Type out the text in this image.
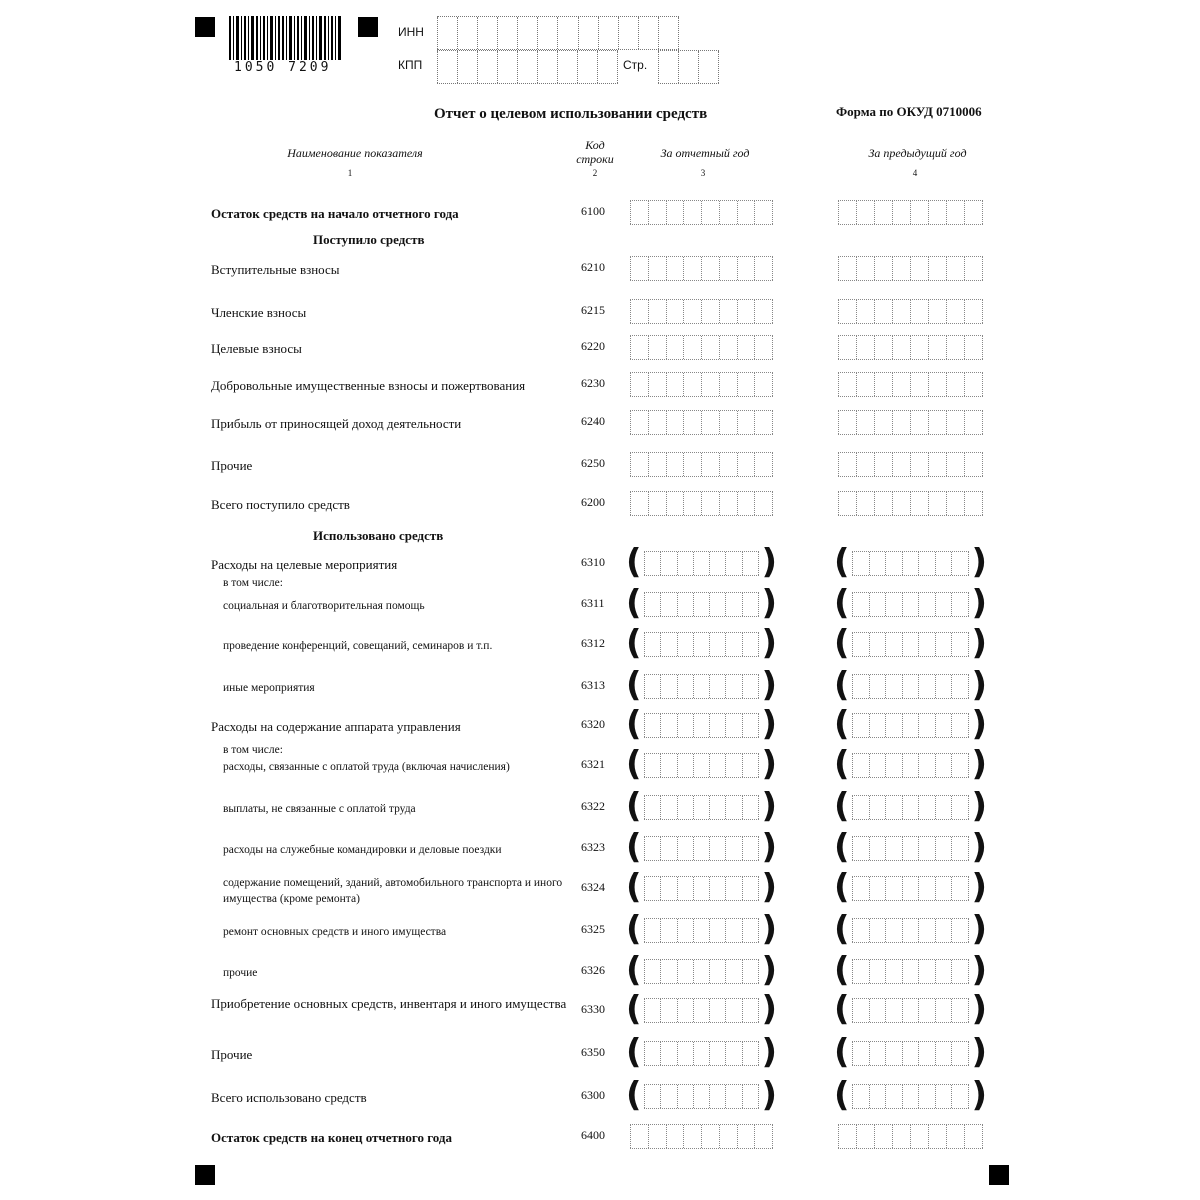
1050 7209
ИНН
КПП	Стр.
Отчет о целевом использовании средств	Форма по ОКУД 0710006
Наименование показателя
Код
строки	За отчетный год	За предыдущий год
1	2	3	4
Поступило средств
Использовано средств
в том числе:
в том числе:
Остаток средств на начало отчетного года	6100
Вступительные взносы	6210
Членские взносы	6215
Целевые взносы	6220
Добровольные имущественные взносы и пожертвования	6230
Прибыль от приносящей доход деятельности	6240
Прочие	6250
Всего поступило средств	6200
Расходы на целевые мероприятия	6310 (	) (	)
социальная и благотворительная помощь	6311 (	) (	)
проведение конференций, совещаний, семинаров и т.п.	6312 (	) (	)
иные мероприятия	6313 (	) (	)
Расходы на содержание аппарата управления	6320 (	) (	)
расходы, связанные с оплатой труда (включая начисления)	6321 (	) (	)
выплаты, не связанные с оплатой труда	6322 (	) (	)
расходы на служебные командировки и деловые поездки	6323 (	) (	)
содержание помещений, зданий, автомобильного транспорта и иного имущества (кроме ремонта)
6324 (	) (	)
ремонт основных средств и иного имущества	6325 (	) (	)
прочие	6326 (	) (	)
Приобретение основных средств, инвентаря и иного имущества	6330 (	) (	)
Прочие	6350 (	) (	)
Всего использовано средств	6300 (	) (	)
Остаток средств на конец отчетного года	6400
